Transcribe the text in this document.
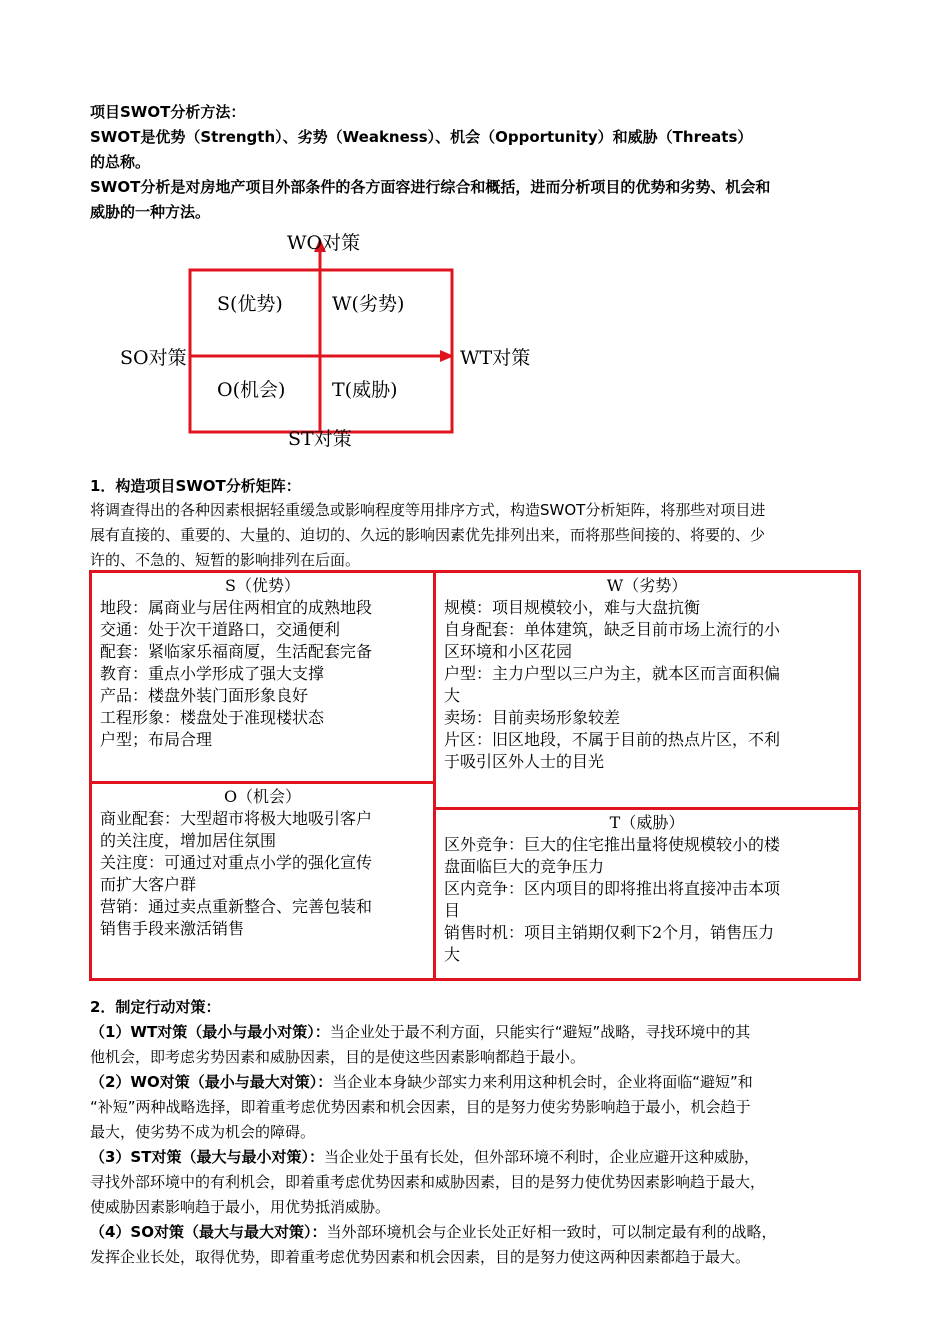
项目SWOT分析方法：
SWOT是优势（Strength）、劣势（Weakness）、机会（Opportunity）和威胁（Threats）
的总称。
SWOT分析是对房地产项目外部条件的各方面容进行综合和概括，进而分析项目的优势和劣势、机会和
威胁的一种方法。
WO对策
SO对策	WT对策
ST对策
S(优势)	W(劣势)
O(机会) T(威胁)
1．构造项目SWOT分析矩阵：
将调查得出的各种因素根据轻重缓急或影响程度等用排序方式，构造SWOT分析矩阵，将那些对项目进
展有直接的、重要的、大量的、迫切的、久远的影响因素优先排列出来，而将那些间接的、将要的、少
许的、不急的、短暂的影响排列在后面。
S（优势）
地段：属商业与居住两相宜的成熟地段
交通：处于次干道路口，交通便利
配套：紧临家乐福商厦，生活配套完备
教育：重点小学形成了强大支撑
产品：楼盘外装门面形象良好
工程形象：楼盘处于准现楼状态
户型；布局合理
W（劣势）
规模：项目规模较小，难与大盘抗衡
自身配套：单体建筑，缺乏目前市场上流行的小
区环境和小区花园
户型：主力户型以三户为主，就本区而言面积偏
大
卖场：目前卖场形象较差
片区：旧区地段，不属于目前的热点片区，不利
于吸引区外人士的目光
O（机会）
商业配套：大型超市将极大地吸引客户
的关注度，增加居住氛围
关注度：可通过对重点小学的强化宣传
而扩大客户群
营销：通过卖点重新整合、完善包装和
销售手段来激活销售
T（威胁）
区外竞争：巨大的住宅推出量将使规模较小的楼
盘面临巨大的竞争压力
区内竞争：区内项目的即将推出将直接冲击本项
目
销售时机：项目主销期仅剩下2个月，销售压力
大
2．制定行动对策：
（1）WT对策（最小与最小对策）：当企业处于最不利方面，只能实行“避短”战略，寻找环境中的其
他机会，即考虑劣势因素和威胁因素，目的是使这些因素影响都趋于最小。
（2）WO对策（最小与最大对策）：当企业本身缺少部实力来利用这种机会时，企业将面临“避短”和
“补短”两种战略选择，即着重考虑优势因素和机会因素，目的是努力使劣势影响趋于最小，机会趋于
最大，使劣势不成为机会的障碍。
（3）ST对策（最大与最小对策）：当企业处于虽有长处，但外部环境不利时，企业应避开这种威胁，
寻找外部环境中的有利机会，即着重考虑优势因素和威胁因素，目的是努力使优势因素影响趋于最大，
使威胁因素影响趋于最小，用优势抵消威胁。
（4）SO对策（最大与最大对策）：当外部环境机会与企业长处正好相一致时，可以制定最有利的战略，
发挥企业长处，取得优势，即着重考虑优势因素和机会因素，目的是努力使这两种因素都趋于最大。
